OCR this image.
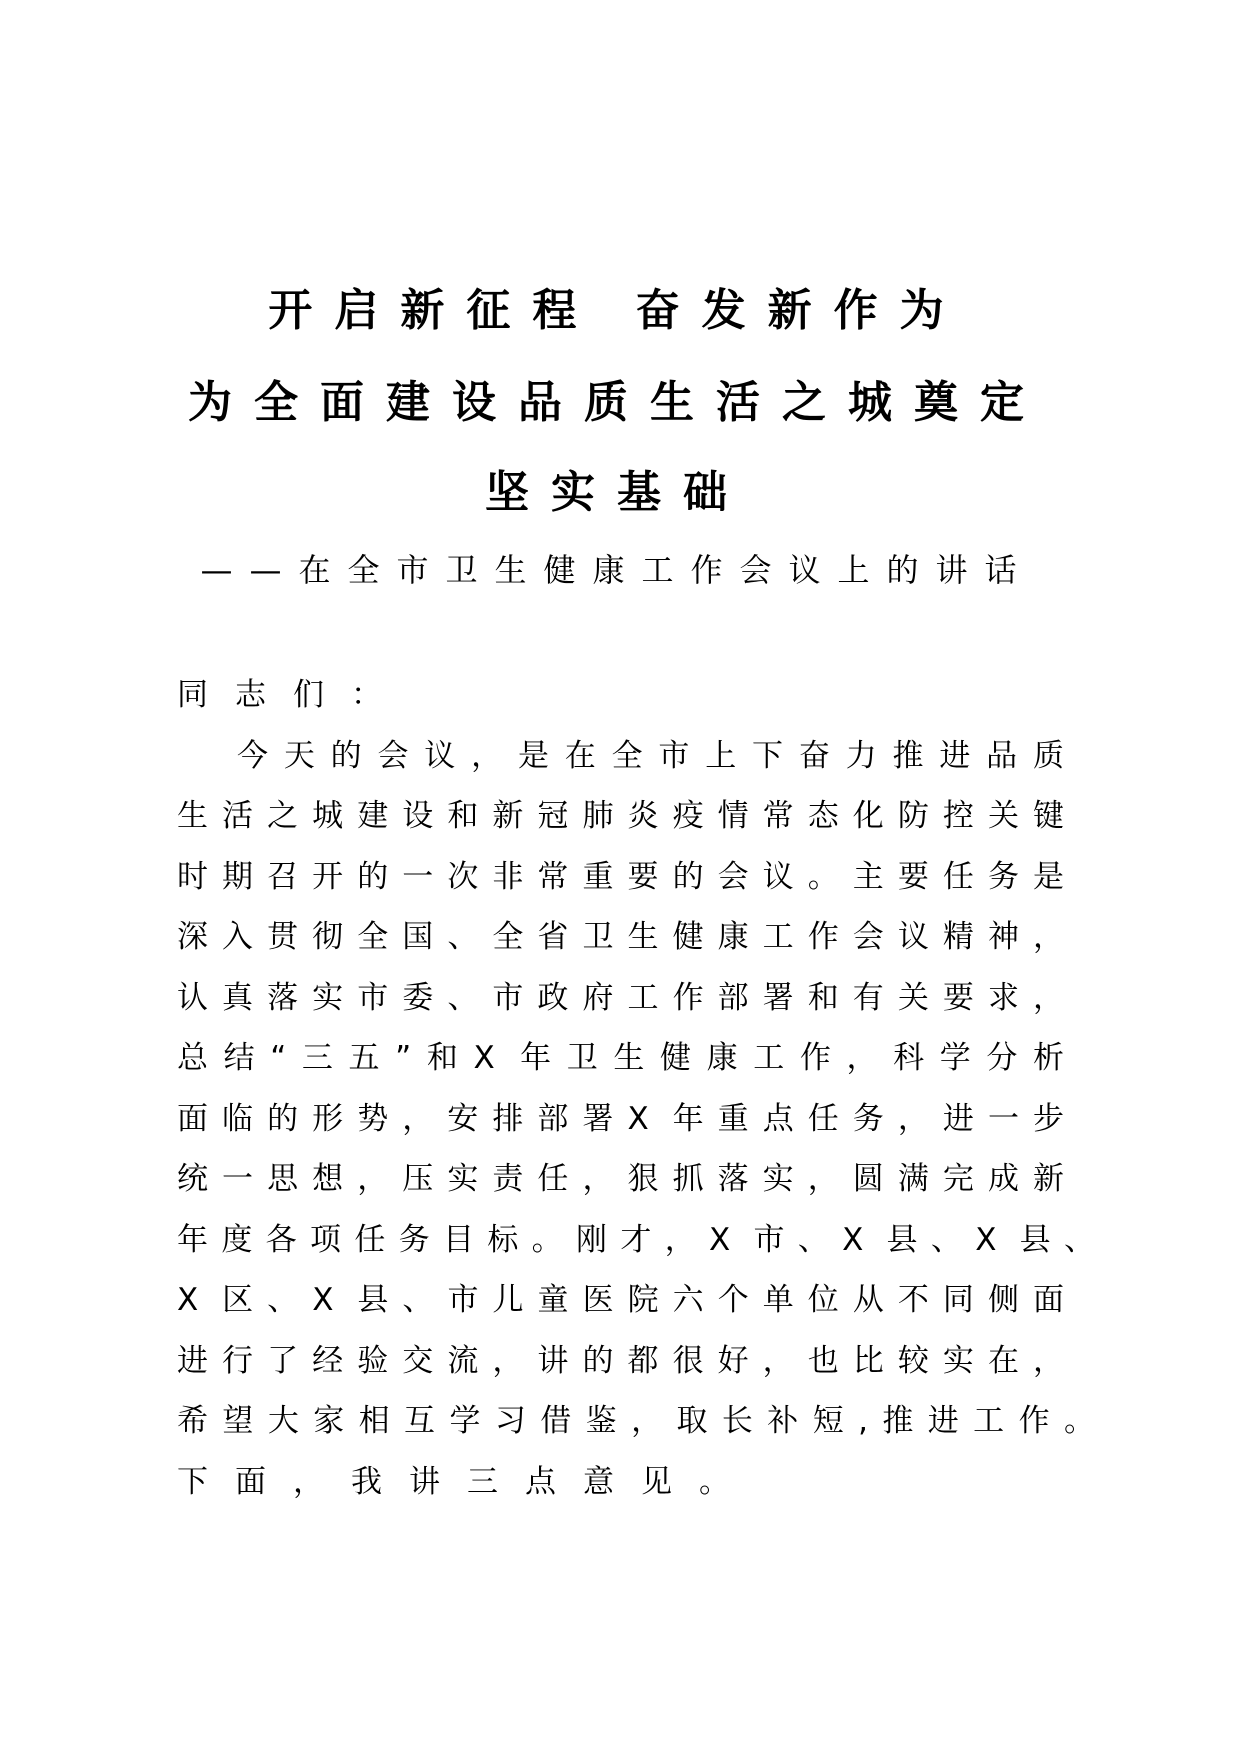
开启新征程 奋发新作为
为全面建设品质生活之城奠定
坚实基础
——在全市卫生健康工作会议上的讲话
同志们：
今天的会议，是在全市上下奋力推进品质
生活之城建设和新冠肺炎疫情常态化防控关键
时期召开的一次非常重要的会议。主要任务是
深入贯彻全国、全省卫生健康工作会议精神，
认真落实市委、市政府工作部署和有关要求，
总结“三五”和X 年卫生健康工作，科学分析
面临的形势，安排部署X 年重点任务，进一步
统一思想，压实责任，狠抓落实，圆满完成新
年度各项任务目标。刚才，X 市、X 县、X 县、
X 区、X 县、市儿童医院六个单位从不同侧面
进行了经验交流，讲的都很好，也比较实在，
希望大家相互学习借鉴，取长补短,推进工作。
下面，我讲三点意见。
